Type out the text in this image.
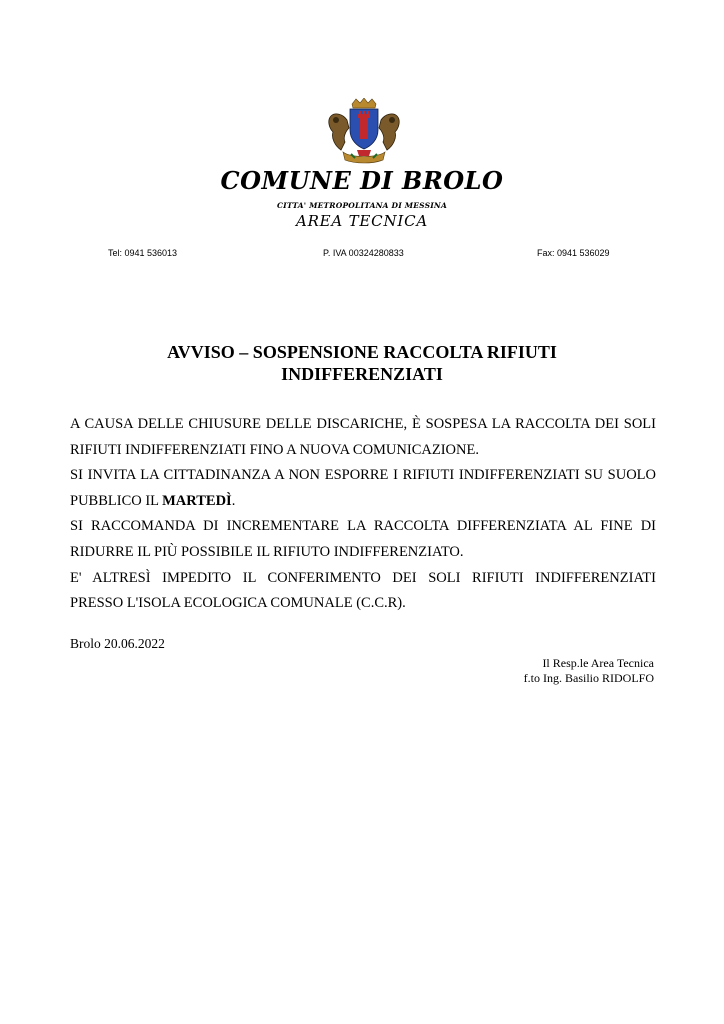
COMUNE DI BROLO
CITTA' METROPOLITANA DI MESSINA
AREA TECNICA
Tel: 0941 536013	P. IVA 00324280833	Fax: 0941 536029
AVVISO – SOSPENSIONE RACCOLTA RIFIUTI
INDIFFERENZIATI

A CAUSA DELLE CHIUSURE DELLE DISCARICHE, È SOSPESA LA RACCOLTA DEI SOLI

RIFIUTI INDIFFERENZIATI FINO A NUOVA COMUNICAZIONE.

SI INVITA LA CITTADINANZA A NON ESPORRE I RIFIUTI INDIFFERENZIATI SU SUOLO

PUBBLICO IL MARTEDÌ.

SI RACCOMANDA DI INCREMENTARE LA RACCOLTA DIFFERENZIATA AL FINE DI

RIDURRE IL PIÙ POSSIBILE IL RIFIUTO INDIFFERENZIATO.

E' ALTRESÌ IMPEDITO IL CONFERIMENTO DEI SOLI RIFIUTI INDIFFERENZIATI

PRESSO L'ISOLA ECOLOGICA COMUNALE (C.C.R).

Brolo 20.06.2022
Il Resp.le Area Tecnica
f.to Ing. Basilio RIDOLFO
